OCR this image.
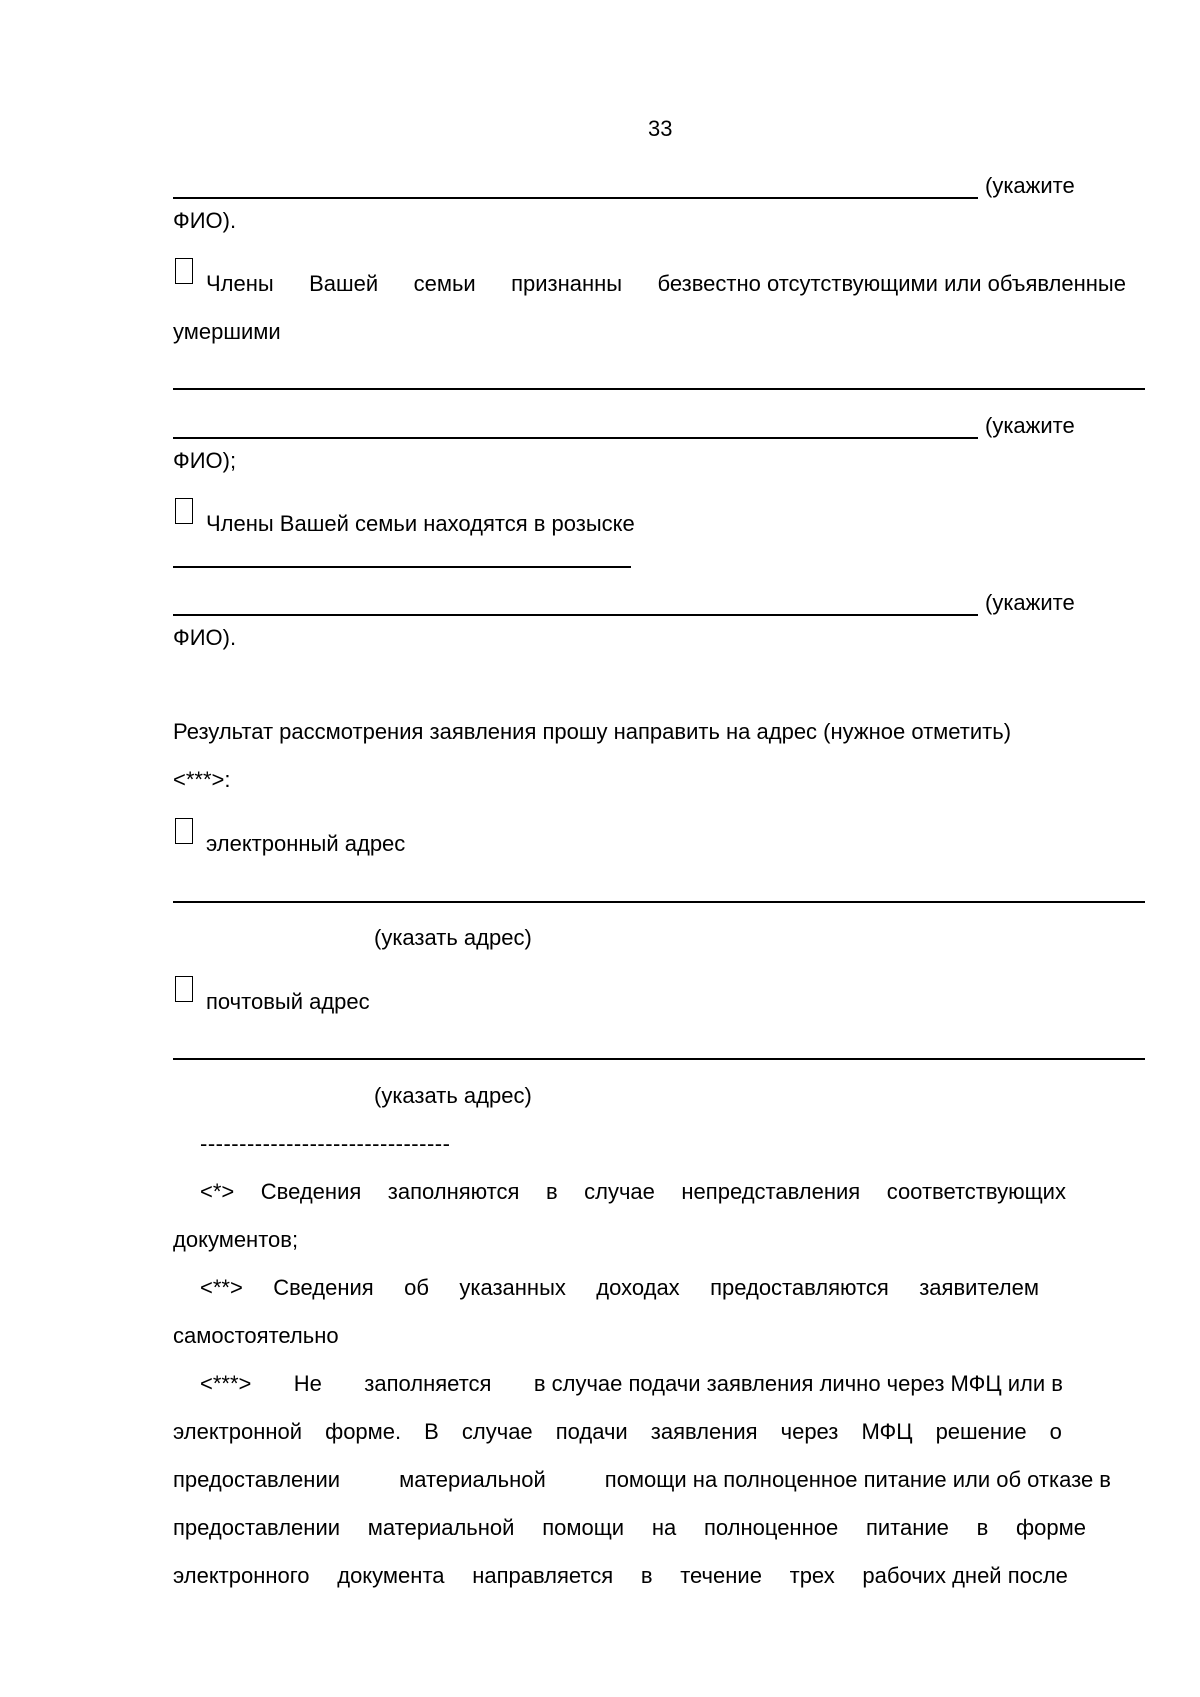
33
(укажите
ФИО).
Члены Вашей семьи признанны безвестно отсутствующими или объявленные
умершими
(укажите
ФИО);
Члены Вашей семьи находятся в розыске
(укажите
ФИО).
Результат рассмотрения заявления прошу направить на адрес (нужное отметить)
<***>:
электронный адрес
(указать адрес)
почтовый адрес
(указать адрес)
--------------------------------
<*> Сведения заполняются в случае непредставления соответствующих
документов;
<**> Сведения об указанных доходах предоставляются заявителем
самостоятельно
<***> Не заполняется в случае подачи заявления лично через МФЦ или в
электронной форме. В случае подачи заявления через МФЦ решение о
предоставлении	материальной	помощи на полноценное питание или об отказе в
предоставлении материальной помощи на полноценное питание в форме
электронного документа направляется в течение трех рабочих дней после
